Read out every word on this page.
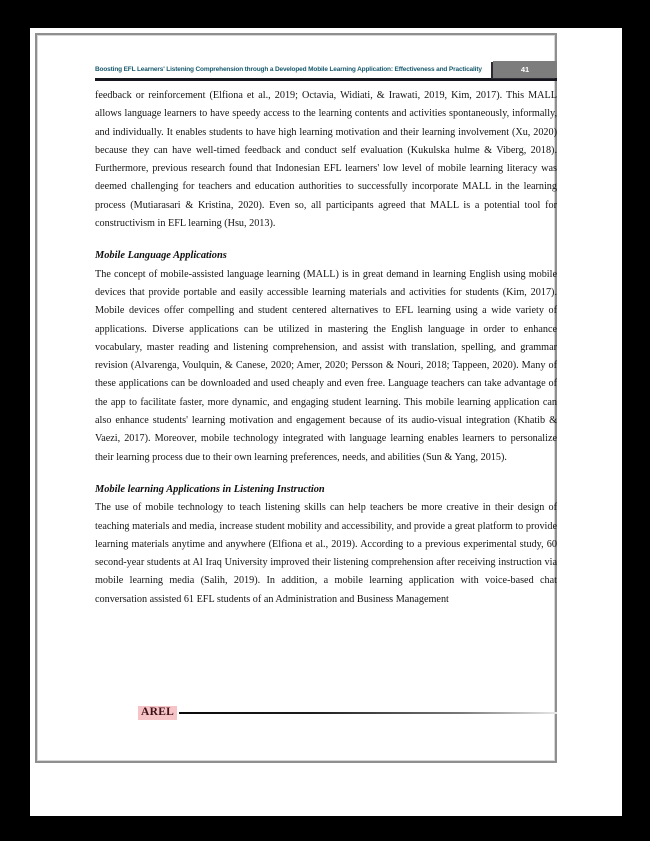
Boosting EFL Learners' Listening Comprehension through a Developed Mobile Learning Application: Effectiveness and Practicality	41

feedback or reinforcement (Elfiona et al., 2019; Octavia, Widiati, & Irawati, 2019, Kim, 2017). This MALL allows language learners to have speedy access to the learning contents and activities spontaneously, informally, and individually. It enables students to have high learning motivation and their learning involvement (Xu, 2020) because they can have well-timed feedback and conduct self evaluation (Kukulska hulme & Viberg, 2018). Furthermore, previous research found that Indonesian EFL learners' low level of mobile learning literacy was deemed challenging for teachers and education authorities to successfully incorporate MALL in the learning process (Mutiarasari & Kristina, 2020). Even so, all participants agreed that MALL is a potential tool for constructivism in EFL learning (Hsu, 2013).

Mobile Language Applications

The concept of mobile-assisted language learning (MALL) is in great demand in learning English using mobile devices that provide portable and easily accessible learning materials and activities for students (Kim, 2017). Mobile devices offer compelling and student centered alternatives to EFL learning using a wide variety of applications. Diverse applications can be utilized in mastering the English language in order to enhance vocabulary, master reading and listening comprehension, and assist with translation, spelling, and grammar revision (Alvarenga, Voulquin, & Canese, 2020; Amer, 2020; Persson & Nouri, 2018; Tappeen, 2020). Many of these applications can be downloaded and used cheaply and even free. Language teachers can take advantage of the app to facilitate faster, more dynamic, and engaging student learning. This mobile learning application can also enhance students' learning motivation and engagement because of its audio-visual integration (Khatib & Vaezi, 2017). Moreover, mobile technology integrated with language learning enables learners to personalize their learning process due to their own learning preferences, needs, and abilities (Sun & Yang, 2015).

Mobile learning Applications in Listening Instruction

The use of mobile technology to teach listening skills can help teachers be more creative in their design of teaching materials and media, increase student mobility and accessibility, and provide a great platform to provide learning materials anytime and anywhere (Elfiona et al., 2019). According to a previous experimental study, 60 second-year students at Al Iraq University improved their listening comprehension after receiving instruction via mobile learning media (Salih, 2019). In addition, a mobile learning application with voice-based chat conversation assisted 61 EFL students of an Administration and Business Management

AREL
